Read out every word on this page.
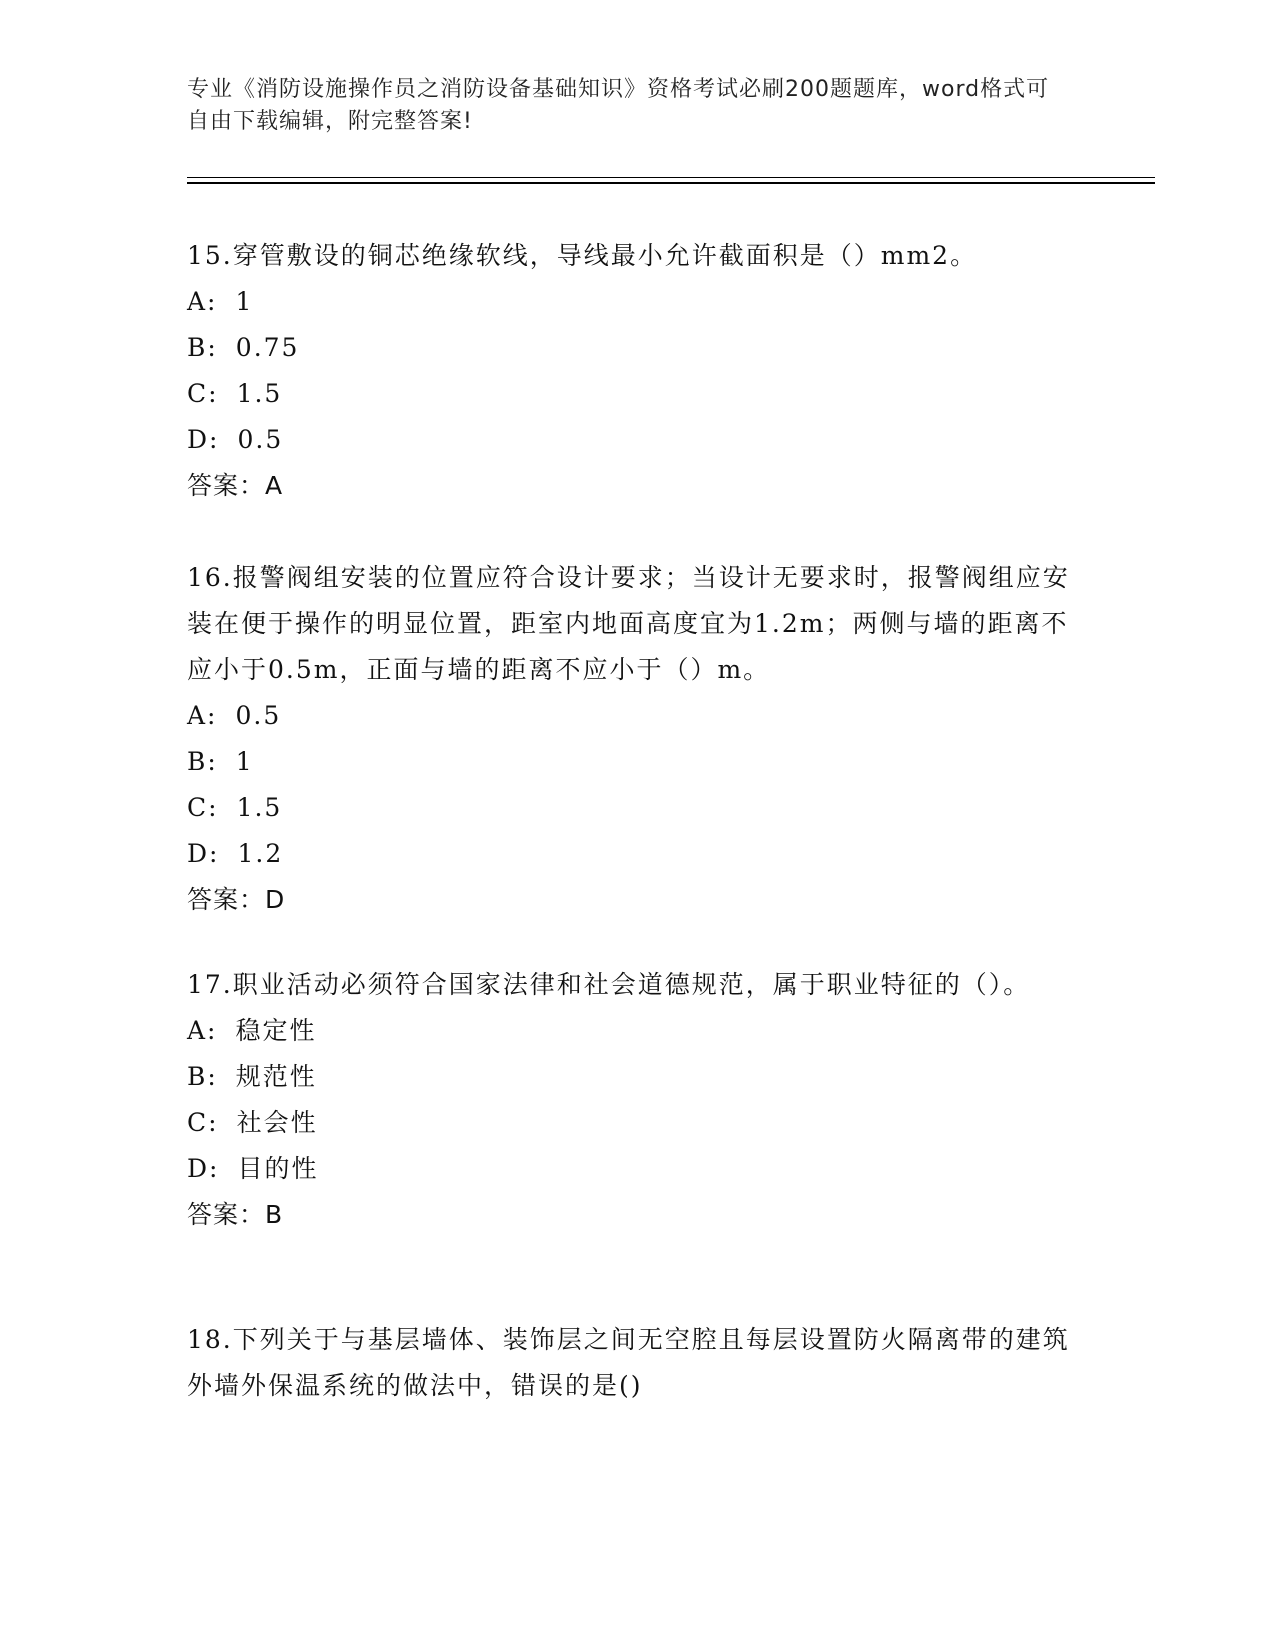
专业《消防设施操作员之消防设备基础知识》资格考试必刷200题题库，word格式可自由下载编辑，附完整答案!

15.穿管敷设的铜芯绝缘软线，导线最小允许截面积是（）mm2。

A: 1

B: 0.75

C: 1.5

D: 0.5

答案：A

16.报警阀组安装的位置应符合设计要求；当设计无要求时，报警阀组应安装在便于操作的明显位置，距室内地面高度宜为1.2m；两侧与墙的距离不应小于0.5m，正面与墙的距离不应小于（）m。

A: 0.5

B: 1

C: 1.5

D: 1.2

答案：D

17.职业活动必须符合国家法律和社会道德规范，属于职业特征的（）。

A: 稳定性

B: 规范性

C: 社会性

D: 目的性

答案：B

18.下列关于与基层墙体、装饰层之间无空腔且每层设置防火隔离带的建筑外墙外保温系统的做法中，错误的是()
